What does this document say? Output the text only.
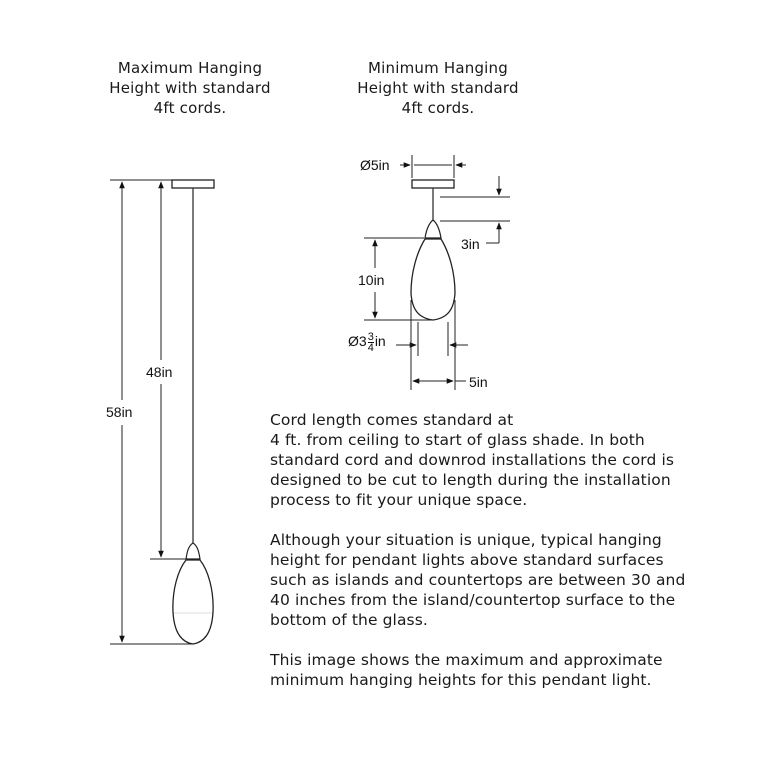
Maximum Hanging
Height with standard
4ft cords.
Minimum Hanging
Height with standard
4ft cords.
58in
48in
Ø5in
3in
10in
Ø3 $\frac{3}{4}$ in
5in
Cord length comes standard at
4 ft. from ceiling to start of glass shade. In both
standard cord and downrod installations the cord is
designed to be cut to length during the installation
process to fit your unique space.
Although your situation is unique, typical hanging
height for pendant lights above standard surfaces
such as islands and countertops are between 30 and
40 inches from the island/countertop surface to the
bottom of the glass.
This image shows the maximum and approximate
minimum hanging heights for this pendant light.
